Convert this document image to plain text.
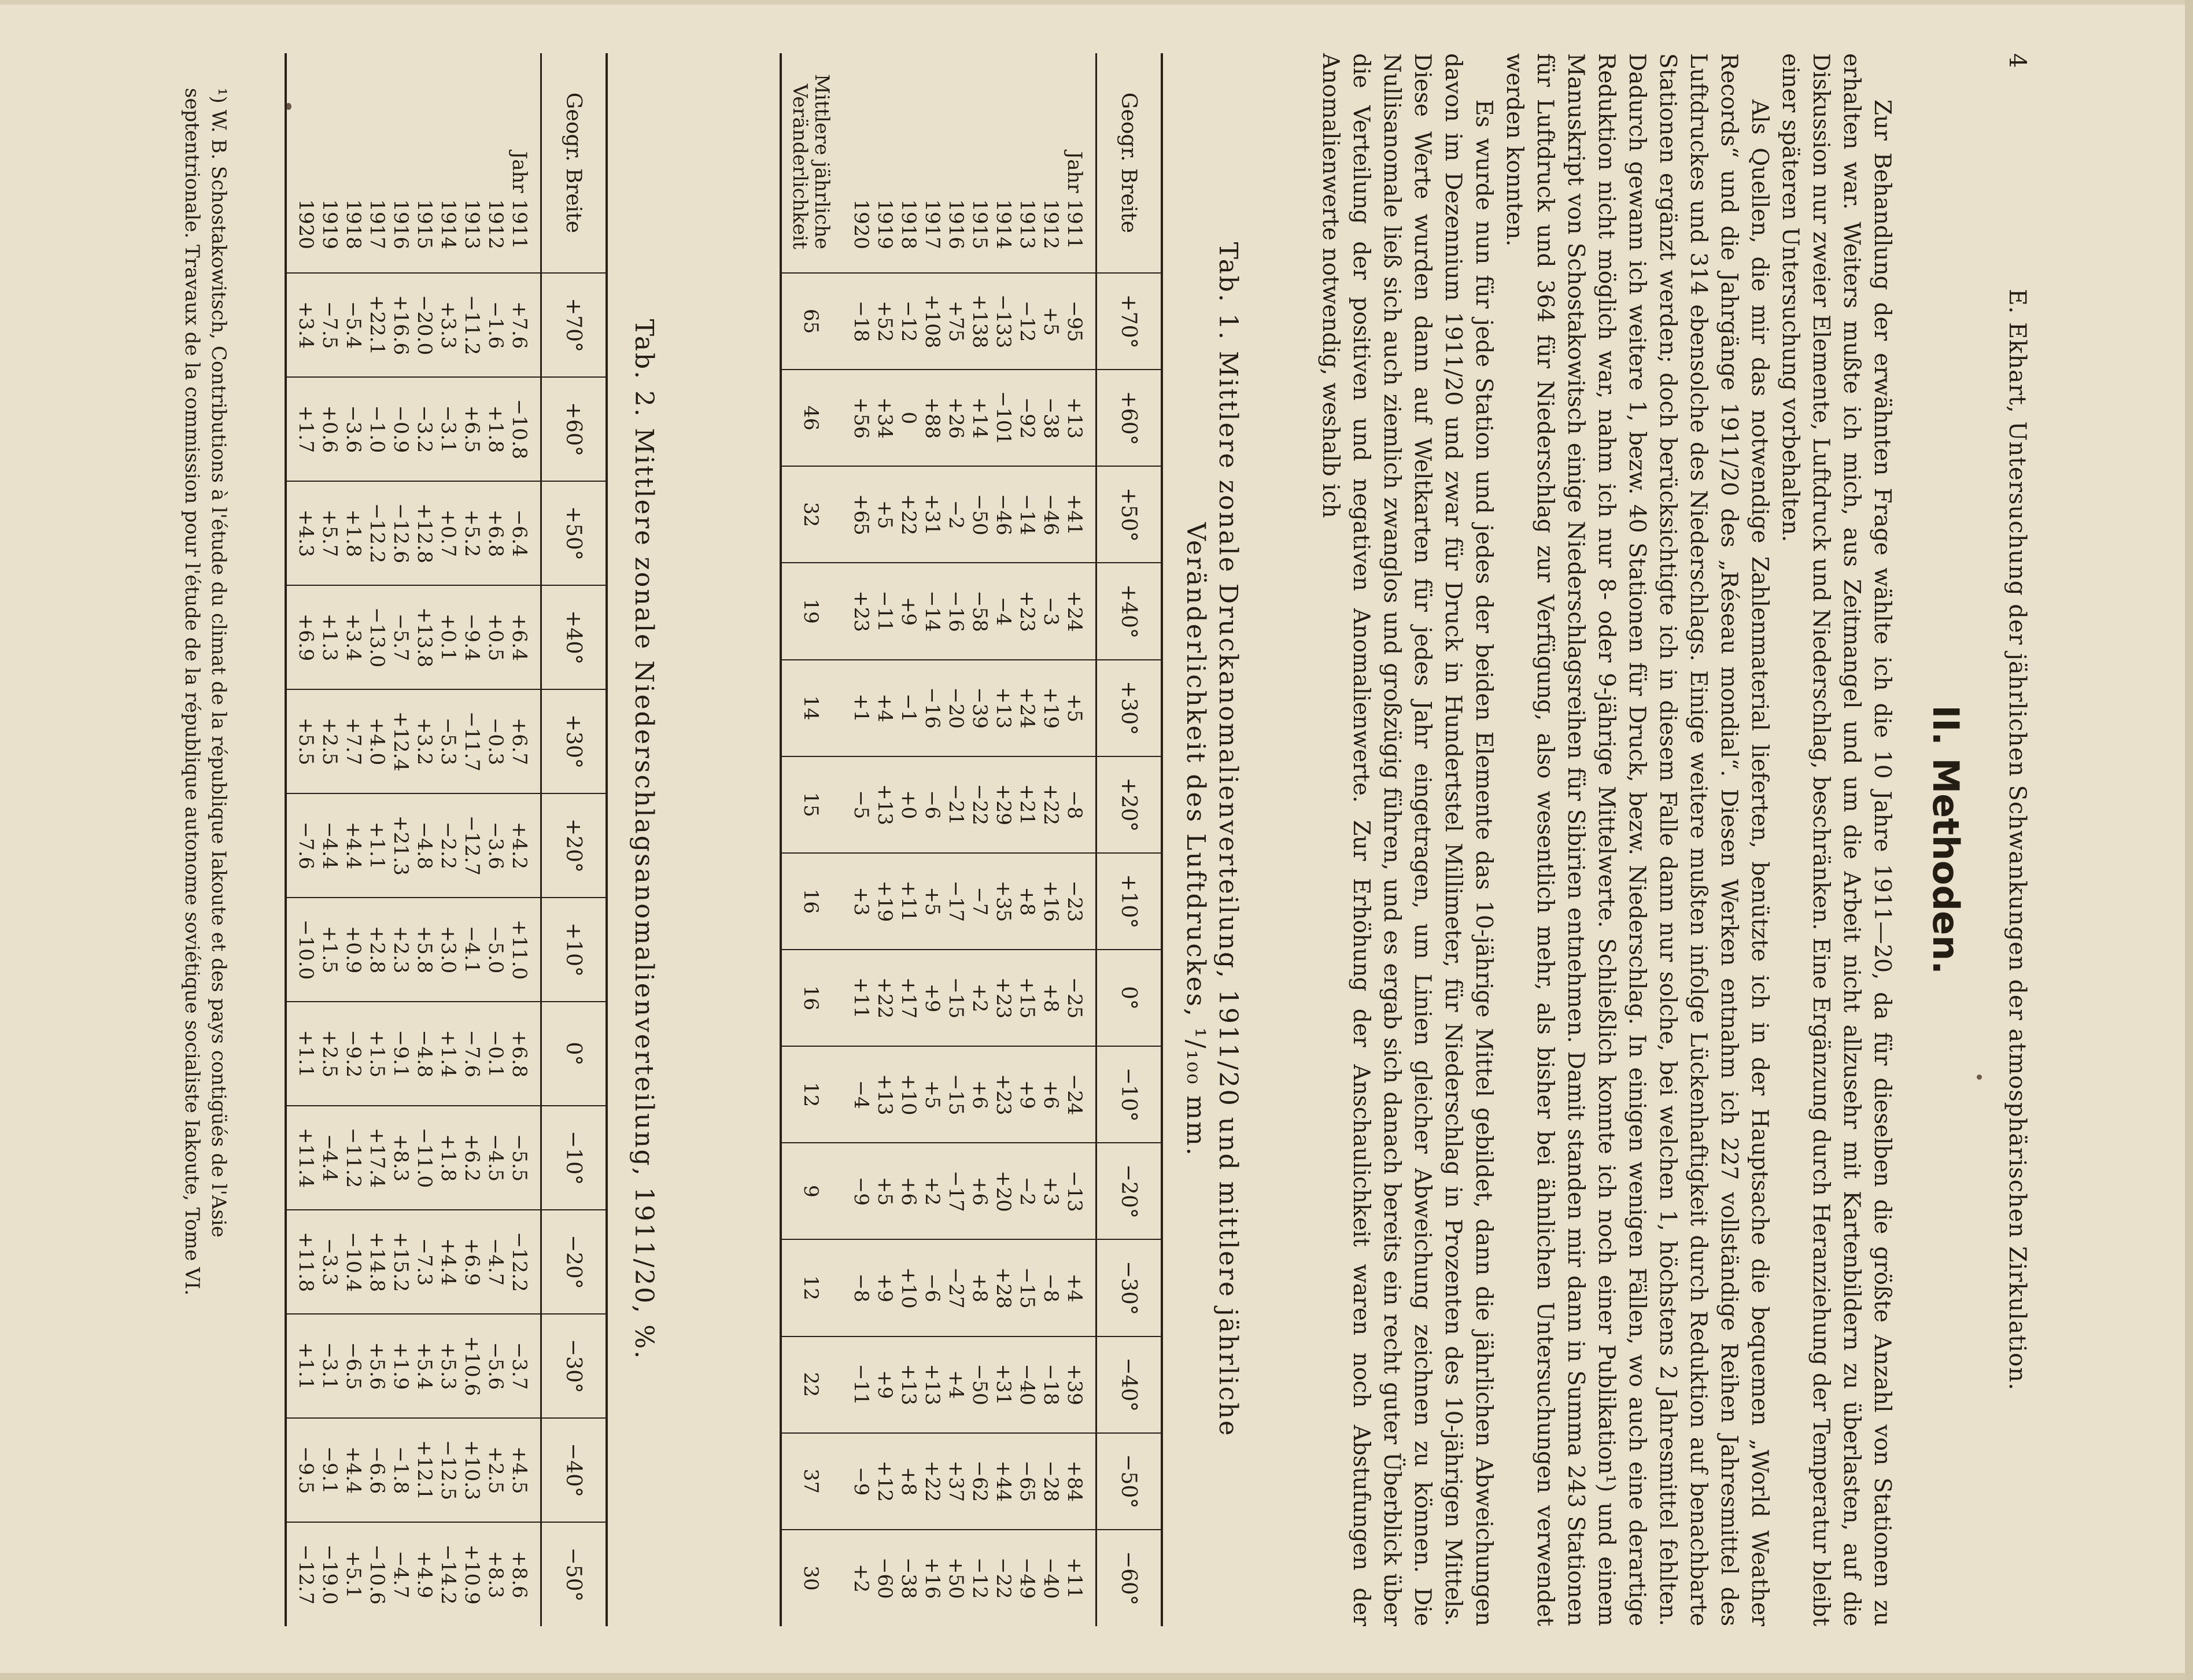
4
E. Ekhart, Untersuchung der jährlichen Schwankungen der atmosphärischen Zirkulation.
II. Methoden.

Zur Behandlung der erwähnten Frage wählte ich die 10 Jahre 1911—20, da für dieselben die größte Anzahl von Stationen zu erhalten war. Weiters mußte ich mich, aus Zeitmangel und um die Arbeit nicht allzusehr mit Kartenbildern zu überlasten, auf die Diskussion nur zweier Elemente, Luftdruck und Niederschlag, beschränken. Eine Ergänzung durch Heranziehung der Temperatur bleibt einer späteren Untersuchung vorbehalten.

Als Quellen, die mir das notwendige Zahlenmaterial lieferten, benützte ich in der Hauptsache die bequemen „World Weather Records“ und die Jahrgänge 1911/20 des „Réseau mondial“. Diesen Werken entnahm ich 227 vollständige Reihen Jahresmittel des Luftdruckes und 314 ebensolche des Niederschlags. Einige weitere mußten infolge Lückenhaftigkeit durch Reduktion auf benachbarte Stationen ergänzt werden; doch berücksichtigte ich in diesem Falle dann nur solche, bei welchen 1, höchstens 2 Jahresmittel fehlten. Dadurch gewann ich weitere 1, bezw. 40 Stationen für Druck, bezw. Niederschlag. In einigen wenigen Fällen, wo auch eine derartige Reduktion nicht möglich war, nahm ich nur 8- oder 9-jährige Mittelwerte. Schließlich konnte ich noch einer Publikation¹) und einem Manuskript von Schostakowitsch einige Niederschlagsreihen für Sibirien entnehmen. Damit standen mir dann in Summa 243 Stationen für Luftdruck und 364 für Niederschlag zur Verfügung, also wesentlich mehr, als bisher bei ähnlichen Untersuchungen verwendet werden konnten.

Es wurde nun für jede Station und jedes der beiden Elemente das 10-jährige Mittel gebildet, dann die jährlichen Abweichungen davon im Dezennium 1911/20 und zwar für Druck in Hundertstel Millimeter, für Niederschlag in Prozenten des 10-jährigen Mittels. Diese Werte wurden dann auf Weltkarten für jedes Jahr eingetragen, um Linien gleicher Abweichung zeichnen zu können. Die Nullisanomale ließ sich auch ziemlich zwanglos und großzügig führen, und es ergab sich danach bereits ein recht guter Überblick über die Verteilung der positiven und negativen Anomalienwerte. Zur Erhöhung der Anschaulichkeit waren noch Abstufungen der Anomalienwerte notwendig, weshalb ich

Tab. 1. Mittlere zonale Druckanomalienverteilung, 1911/20 und mittlere jährliche
Veränderlichkeit des Luftdruckes, ¹/₁₀₀ mm.
Geogr. Breite	+70°	+60°	+50°	+40°	+30°	+20°	+10°	0°	−10°	−20°	−30°	−40°	−50°	−60°
Jahr 1911	−95	+13	+41	+24	+5	−8	−23	−25	−24	−13	+4	+39	+84	+11
1912	+5	−38	−46	−3	+19	+22	+16	+8	+6	+3	−8	−18	−28	−40
1913	−12	−92	−14	+23	+24	+21	+8	+15	+9	−2	−15	−40	−65	−49
1914	−133	−101	−46	−4	+13	+29	+35	+23	+23	+20	+28	+31	+44	−22
1915	+138	+14	−50	−58	−39	−22	−7	+2	+6	+6	+8	−50	−62	−12
1916	+75	+26	−2	−16	−20	−21	−17	−15	−15	−17	−27	+4	+37	+50
1917	+108	+88	+31	−14	−16	−6	+5	+9	+5	+2	−6	+13	+22	+16
1918	−12	0	+22	+9	−1	+0	+11	+17	+10	+6	+10	+13	+8	−38
1919	+52	+34	+5	−11	+4	+13	+19	+22	+13	+5	+9	+9	+12	−60
1920	−18	+56	+65	+23	+1	−5	+3	+11	−4	−9	−8	−11	−9	+2

Mittlere jährliche
Veränderlichkeit	65	46	32	19	14	15	16	16	12	9	12	22	37	30
Tab. 2. Mittlere zonale Niederschlagsanomalienverteilung, 1911/20, %.
Geogr. Breite	+70°	+60°	+50°	+40°	+30°	+20°	+10°	0°	−10°	−20°	−30°	−40°	−50°
Jahr 1911	+7.6	−10.8	−6.4	+6.4	+6.7	+4.2	+11.0	+6.8	−5.5	−12.2	−3.7	+4.5	+8.6
1912	−1.6	+1.8	+6.8	+0.5	−0.3	−3.6	−5.0	−0.1	−4.5	−4.7	−5.6	+2.5	+8.3
1913	−11.2	+6.5	+5.2	−9.4	−11.7	−12.7	−4.1	−7.6	+6.2	+6.9	+10.6	+10.3	+10.9
1914	+3.3	−3.1	+0.7	+0.1	−5.3	−2.2	+3.0	+1.4	+1.8	+4.4	+5.3	−12.5	−14.2
1915	−20.0	−3.2	+12.8	+13.8	+3.2	−4.8	+5.8	−4.8	−11.0	−7.3	+5.4	+12.1	+4.9
1916	+16.6	−0.9	−12.6	−5.7	+12.4	+21.3	+2.3	−9.1	+8.3	+15.2	+1.9	−1.8	−4.7
1917	+22.1	−1.0	−12.2	−13.0	+4.0	+1.1	+2.8	+1.5	+17.4	+14.8	+5.6	−6.6	−10.6
1918	−5.4	−3.6	+1.8	+3.4	+7.7	+4.4	+0.9	−9.2	−11.2	−10.4	−6.5	+4.4	+5.1
1919	−7.5	+0.6	+5.7	+1.3	+2.5	−4.4	+1.5	+2.5	−4.4	−3.3	−3.1	−9.1	−19.0
1920	+3.4	+1.7	+4.3	+6.9	+5.5	−7.6	−10.0	+1.1	+11.4	+11.8	+1.1	−9.5	−12.7

¹) W. B. Schostakowitsch, Contributions à l'étude du climat de la république Iakoute et des pays contigüés de l'Asie

septentrionale. Travaux de la commission pour l'étude de la république autonome soviétique socialiste Iakoute, Tome VI.
